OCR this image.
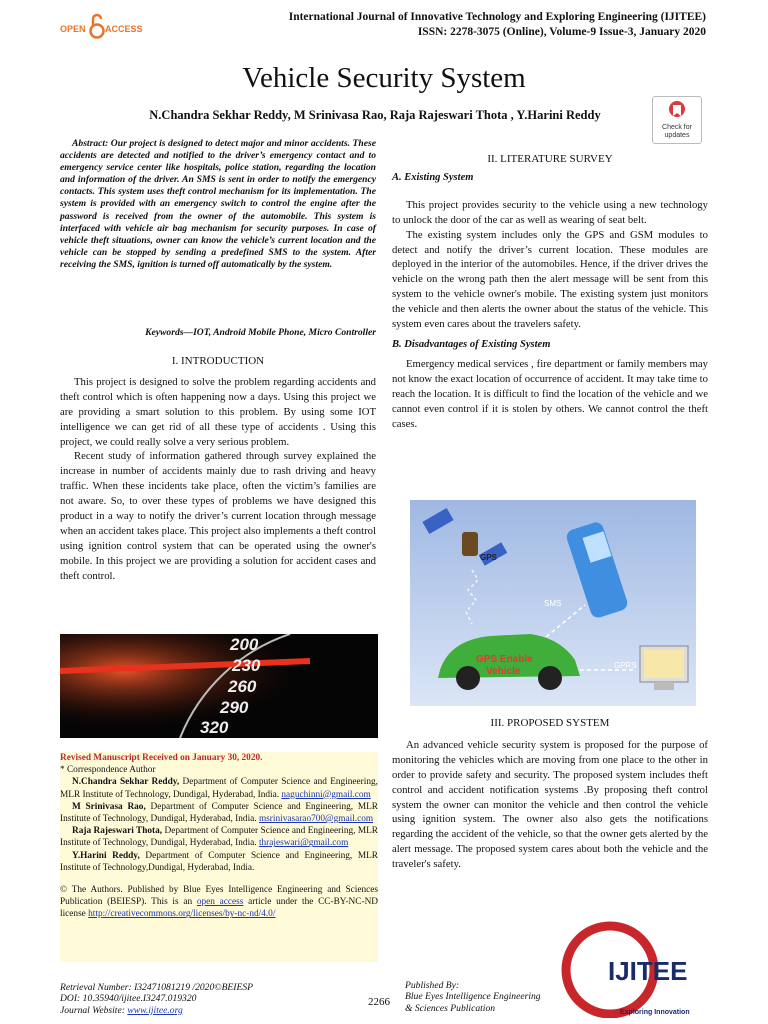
OPEN ACCESS
International Journal of Innovative Technology and Exploring Engineering (IJITEE)
ISSN: 2278-3075 (Online), Volume-9 Issue-3, January 2020
Vehicle Security System
N.Chandra Sekhar Reddy, M Srinivasa Rao, Raja Rajeswari Thota , Y.Harini Reddy
Check for updates
Abstract: Our project is designed to detect major and minor accidents. These accidents are detected and notified to the driver’s emergency contact and to emergency service center like hospitals, police station, regarding the location and information of the driver. An SMS is sent in order to notify the emergency contacts. This system uses theft control mechanism for its implementation. The system is provided with an emergency switch to control the engine after the password is received from the owner of the automobile. This system is interfaced with vehicle air bag mechanism for security purposes. In case of vehicle theft situations, owner can know the vehicle’s current location and the vehicle can be stopped by sending a predefined SMS to the system. After receiving the SMS, ignition is turned off automatically by the system.
Keywords—IOT, Android Mobile Phone, Micro Controller
I. INTRODUCTION

This project is designed to solve the problem regarding accidents and theft control which is often happening now a days. Using this project we are providing a smart solution to this problem. By using some IOT intelligence we can get rid of all these type of accidents . Using this project, we could really solve a very serious problem.

Recent study of information gathered through survey explained the increase in number of accidents mainly due to rash driving and heavy traffic. When these incidents take place, often the victim’s families are not aware. So, to over these types of problems we have designed this product in a way to notify the driver’s current location through message when an accident takes place. This project also implements a theft control using ignition control system that can be operated using the owner's mobile. In this project we are providing a solution for accident cases and theft control.

200
230
260
290
320
Revised Manuscript Received on January 30, 2020.
* Correspondence Author
N.Chandra Sekhar Reddy, Department of Computer Science and Engineering, MLR Institute of Technology, Dundigal, Hyderabad, India. naguchinni@gmail.com
M Srinivasa Rao, Department of Computer Science and Engineering, MLR Institute of Technology, Dundigal, Hyderabad, India. msrinivasarao700@gmail.com
Raja Rajeswari Thota, Department of Computer Science and Engineering, MLR Institute of Technology, Dundigal, Hyderabad, India. thrajeswari@gmail.com
Y.Harini Reddy, Department of Computer Science and Engineering, MLR Institute of Technology,Dundigal, Hyderabad, India.
© The Authors. Published by Blue Eyes Intelligence Engineering and Sciences Publication (BEIESP). This is an open access article under the CC-BY-NC-ND license http://creativecommons.org/licenses/by-nc-nd/4.0/
II. LITERATURE SURVEY
A. Existing System

This project provides security to the vehicle using a new technology to unlock the door of the car as well as wearing of seat belt.

The existing system includes only the GPS and GSM modules to detect and notify the driver’s current location. These modules are deployed in the interior of the automobiles. Hence, if the driver drives the vehicle on the wrong path then the alert message will be sent from this system to the vehicle owner's mobile. The existing system just monitors the vehicle and then alerts the owner about the status of the vehicle. This system even cares about the travelers safety.

B. Disadvantages of Existing System

Emergency medical services , fire department or family members may not know the exact location of occurrence of accident. It may take time to reach the location. It is difficult to find the location of the vehicle and we cannot even control if it is stolen by others. We cannot control the theft cases.

GPS
SMS
GPS Enable
Vehicle
GPRS
III. PROPOSED SYSTEM

An advanced vehicle security system is proposed for the purpose of monitoring the vehicles which are moving from one place to the other in order to provide safety and security. The proposed system includes theft control and accident notification systems .By proposing theft control system the owner can monitor the vehicle and then control the vehicle using ignition system. The owner also also gets the notifications regarding the accident of the vehicle, so that the owner gets alerted by the alert message. The proposed system cares about both the vehicle and the traveler's safety.

IJITEE
Exploring Innovation
Retrieval Number: I32471081219 /2020©BEIESP
DOI: 10.35940/ijitee.I3247.019320
Journal Website: www.ijitee.org
2266
Published By:
Blue Eyes Intelligence Engineering
& Sciences Publication
